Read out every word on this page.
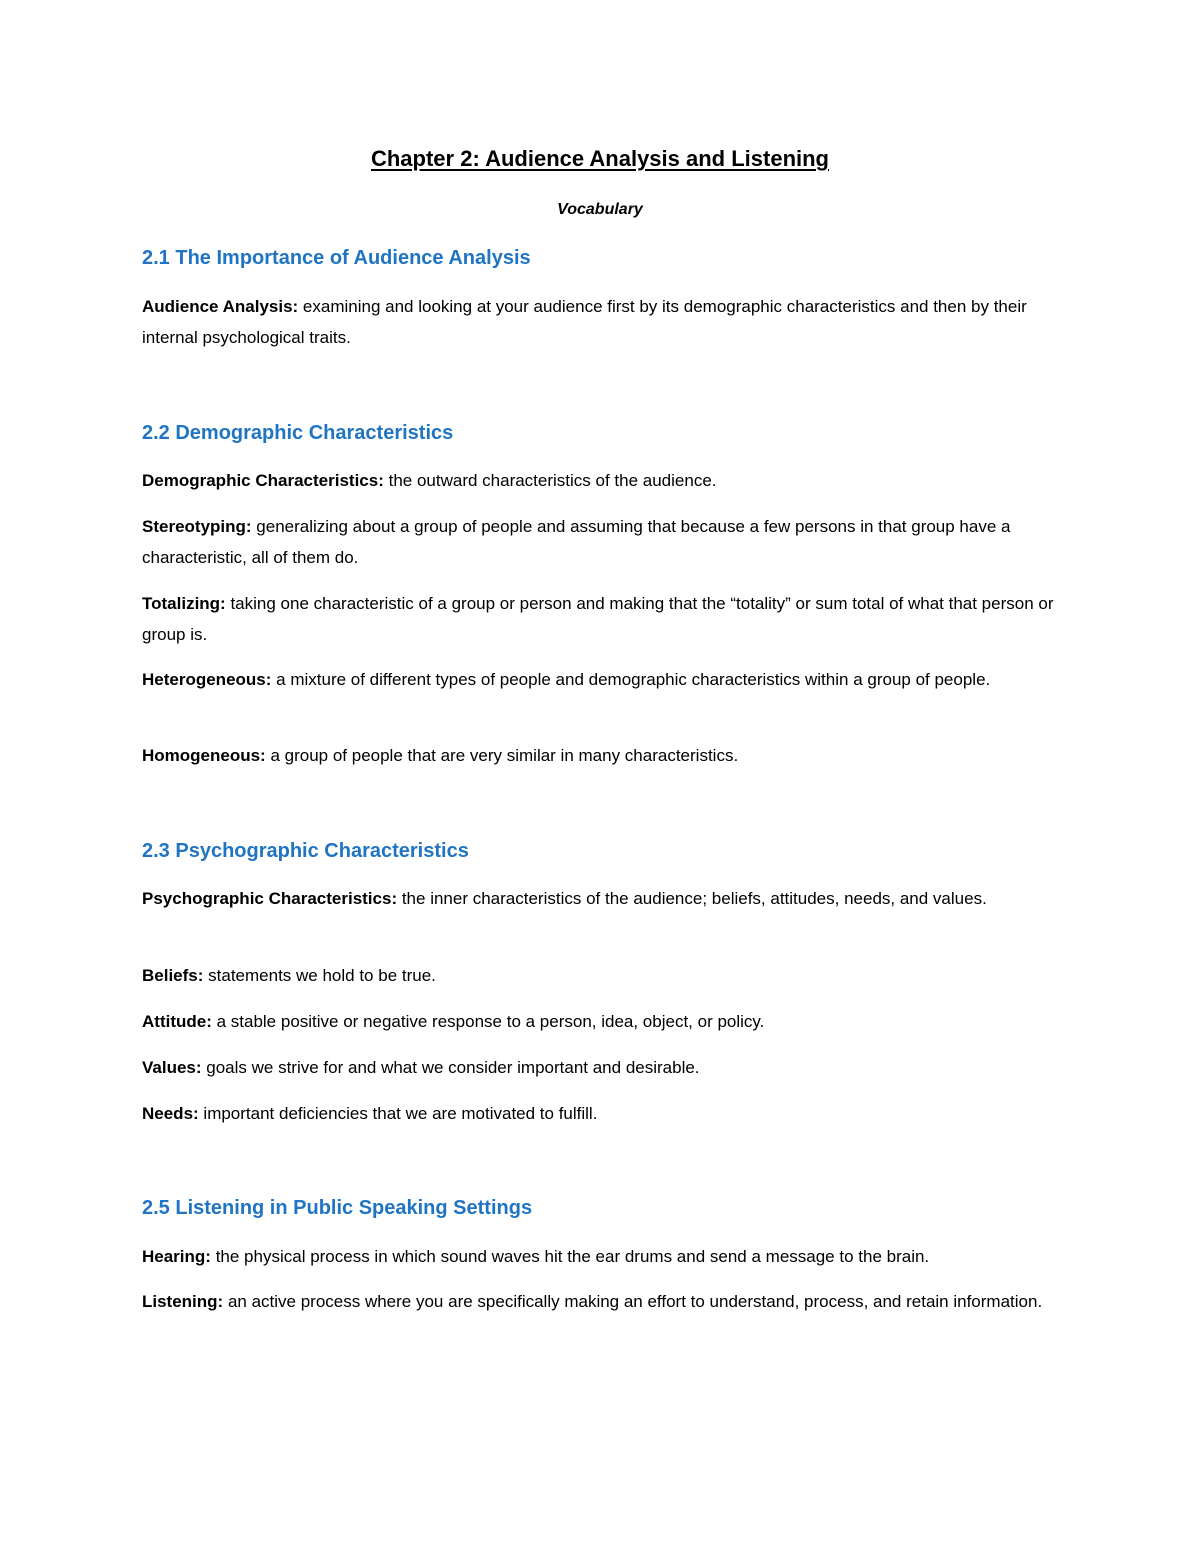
Chapter 2: Audience Analysis and Listening
Vocabulary
2.1 The Importance of Audience Analysis
Audience Analysis: examining and looking at your audience first by its demographic characteristics and then by their internal psychological traits.
2.2 Demographic Characteristics
Demographic Characteristics: the outward characteristics of the audience.
Stereotyping: generalizing about a group of people and assuming that because a few persons in that group have a characteristic, all of them do.
Totalizing: taking one characteristic of a group or person and making that the “totality” or sum total of what that person or group is.
Heterogeneous: a mixture of different types of people and demographic characteristics within a group of people.
Homogeneous: a group of people that are very similar in many characteristics.
2.3 Psychographic Characteristics
Psychographic Characteristics: the inner characteristics of the audience; beliefs, attitudes, needs, and values.
Beliefs: statements we hold to be true.
Attitude: a stable positive or negative response to a person, idea, object, or policy.
Values: goals we strive for and what we consider important and desirable.
Needs: important deficiencies that we are motivated to fulfill.
2.5 Listening in Public Speaking Settings
Hearing: the physical process in which sound waves hit the ear drums and send a message to the brain.
Listening: an active process where you are specifically making an effort to understand, process, and retain information.
